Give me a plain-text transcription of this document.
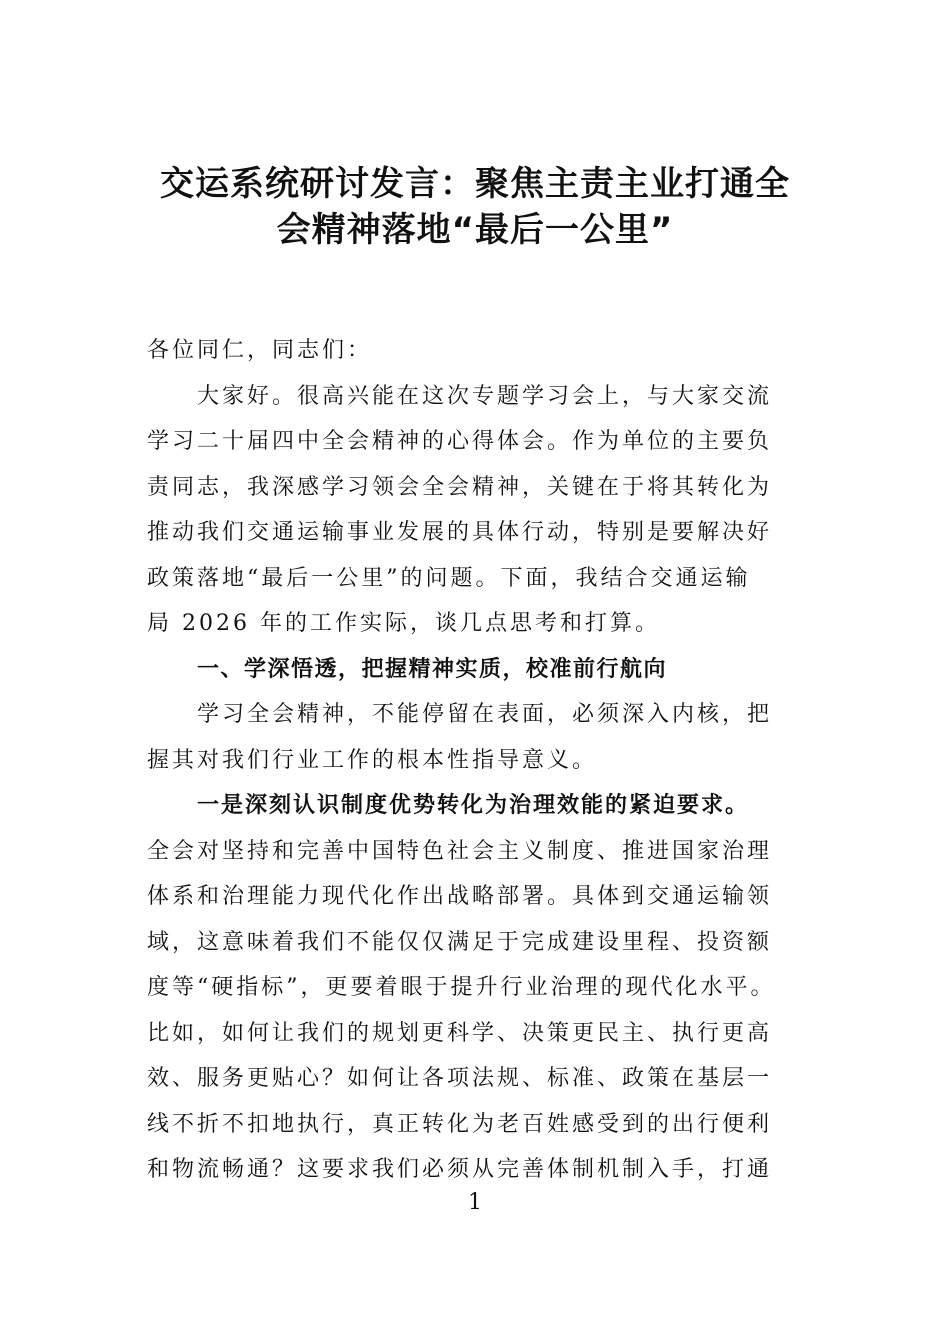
交运系统研讨发言：聚焦主责主业打通全
会精神落地“最后一公里”
各位同仁，同志们：
大家好。很高兴能在这次专题学习会上，与大家交流
学习二十届四中全会精神的心得体会。作为单位的主要负
责同志，我深感学习领会全会精神，关键在于将其转化为
推动我们交通运输事业发展的具体行动，特别是要解决好
政策落地“最后一公里”的问题。下面，我结合交通运输
局 2026 年的工作实际，谈几点思考和打算。
一、学深悟透，把握精神实质，校准前行航向
学习全会精神，不能停留在表面，必须深入内核，把
握其对我们行业工作的根本性指导意义。
一是深刻认识制度优势转化为治理效能的紧迫要求。
全会对坚持和完善中国特色社会主义制度、推进国家治理
体系和治理能力现代化作出战略部署。具体到交通运输领
域，这意味着我们不能仅仅满足于完成建设里程、投资额
度等“硬指标”，更要着眼于提升行业治理的现代化水平。
比如，如何让我们的规划更科学、决策更民主、执行更高
效、服务更贴心？如何让各项法规、标准、政策在基层一
线不折不扣地执行，真正转化为老百姓感受到的出行便利
和物流畅通？这要求我们必须从完善体制机制入手，打通
1
